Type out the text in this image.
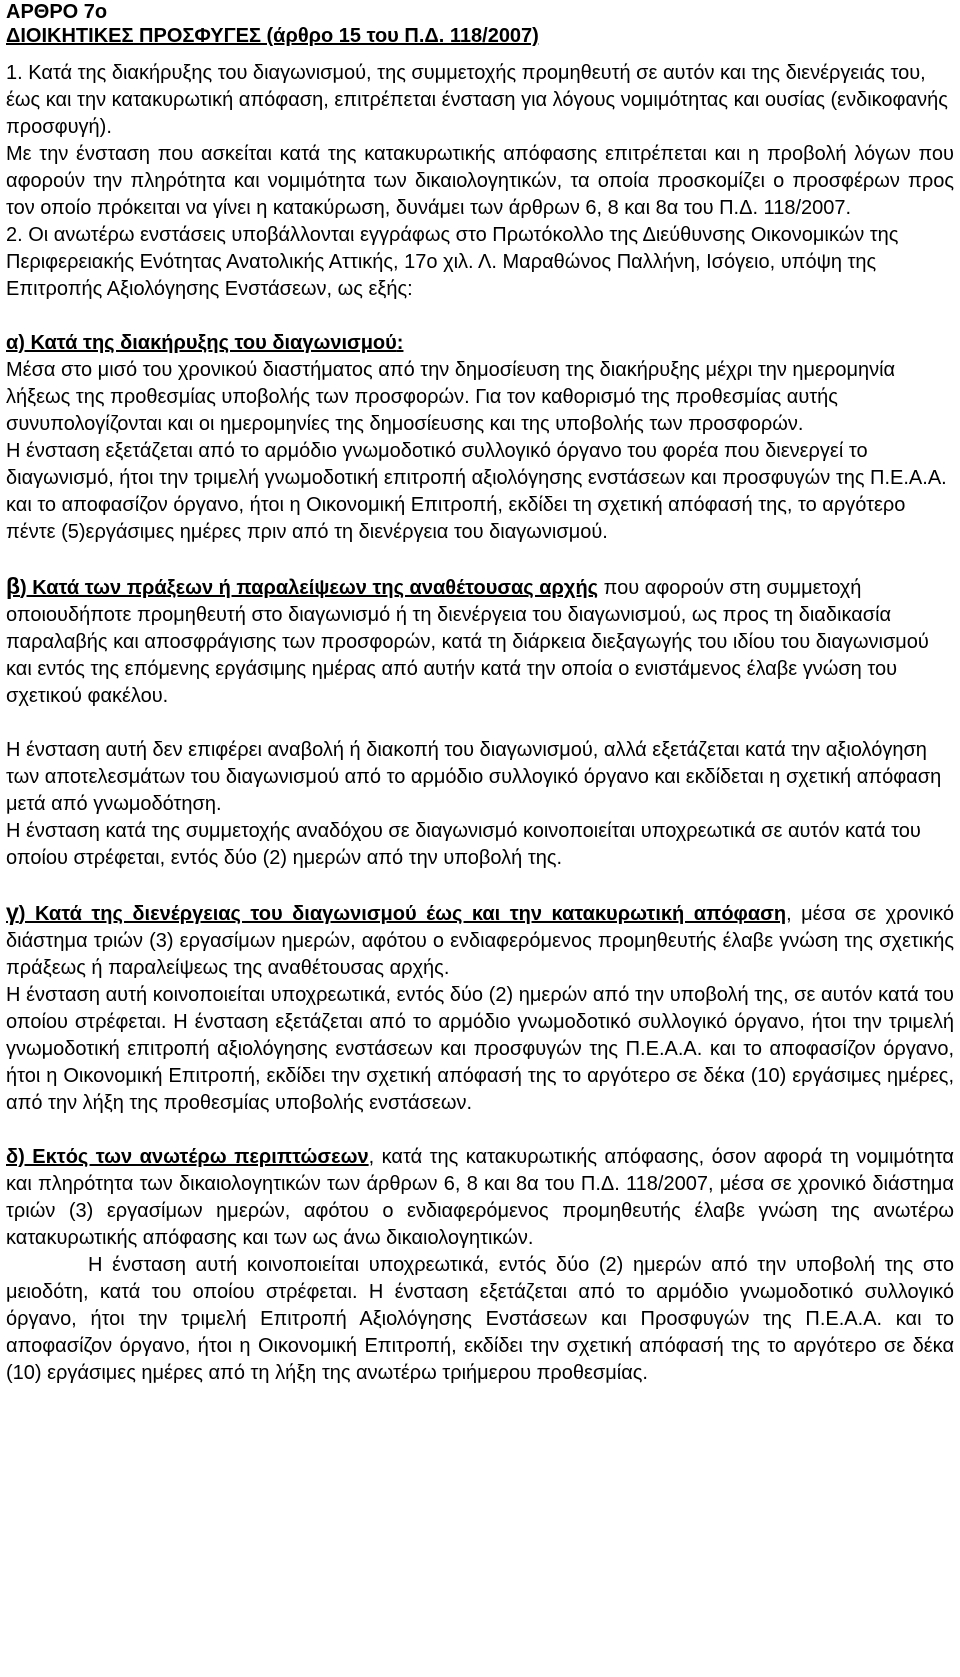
ΑΡΘΡΟ 7ο
ΔΙΟΙΚΗΤΙΚΕΣ ΠΡΟΣΦΥΓΕΣ (άρθρο 15 του Π.Δ. 118/2007)

1. Κατά της διακήρυξης του διαγωνισμού, της συμμετοχής προμηθευτή σε αυτόν και της διενέργειάς του, έως και την κατακυρωτική απόφαση, επιτρέπεται ένσταση για λόγους νομιμότητας και ουσίας (ενδικοφανής προσφυγή).

Με την ένσταση που ασκείται κατά της κατακυρωτικής απόφασης επιτρέπεται και η προβολή λόγων που αφορούν την πληρότητα και νομιμότητα των δικαιολογητικών, τα οποία προσκομίζει ο προσφέρων προς τον οποίο πρόκειται να γίνει η κατακύρωση, δυνάμει των άρθρων 6, 8 και 8α του Π.Δ. 118/2007.

2. Οι ανωτέρω ενστάσεις υποβάλλονται εγγράφως στο Πρωτόκολλο της Διεύθυνσης Οικονομικών της Περιφερειακής Ενότητας Ανατολικής Αττικής, 17ο χιλ. Λ. Μαραθώνος Παλλήνη, Ισόγειο, υπόψη της Επιτροπής Αξιολόγησης Ενστάσεων, ως εξής:

α) Κατά της διακήρυξης του διαγωνισμού:

Μέσα στο μισό του χρονικού διαστήματος από την δημοσίευση της διακήρυξης μέχρι την ημερομηνία λήξεως της προθεσμίας υποβολής των προσφορών. Για τον καθορισμό της προθεσμίας αυτής συνυπολογίζονται και οι ημερομηνίες της δημοσίευσης και της υποβολής των προσφορών.

Η ένσταση εξετάζεται από το αρμόδιο γνωμοδοτικό συλλογικό όργανο του φορέα που διενεργεί το διαγωνισμό, ήτοι την τριμελή γνωμοδοτική επιτροπή αξιολόγησης ενστάσεων και προσφυγών της Π.Ε.Α.Α. και το αποφασίζον όργανο, ήτοι η Οικονομική Επιτροπή, εκδίδει τη σχετική απόφασή της, το αργότερο πέντε (5)εργάσιμες ημέρες πριν από τη διενέργεια του διαγωνισμού.

β) Κατά των πράξεων ή παραλείψεων της αναθέτουσας αρχής που αφορούν στη συμμετοχή οποιουδήποτε προμηθευτή στο διαγωνισμό ή τη διενέργεια του διαγωνισμού, ως προς τη διαδικασία παραλαβής και αποσφράγισης των προσφορών, κατά τη διάρκεια διεξαγωγής του ιδίου του διαγωνισμού και εντός της επόμενης εργάσιμης ημέρας από αυτήν κατά την οποία ο ενιστάμενος έλαβε γνώση του σχετικού φακέλου.

Η ένσταση αυτή δεν επιφέρει αναβολή ή διακοπή του διαγωνισμού, αλλά εξετάζεται κατά την αξιολόγηση των αποτελεσμάτων του διαγωνισμού από το αρμόδιο συλλογικό όργανο και εκδίδεται η σχετική απόφαση μετά από γνωμοδότηση.

Η ένσταση κατά της συμμετοχής αναδόχου σε διαγωνισμό κοινοποιείται υποχρεωτικά σε αυτόν κατά του οποίου στρέφεται, εντός δύο (2) ημερών από την υποβολή της.

γ) Κατά της διενέργειας του διαγωνισμού έως και την κατακυρωτική απόφαση, μέσα σε χρονικό διάστημα τριών (3) εργασίμων ημερών, αφότου ο ενδιαφερόμενος προμηθευτής έλαβε γνώση της σχετικής πράξεως ή παραλείψεως της αναθέτουσας αρχής.

Η ένσταση αυτή κοινοποιείται υποχρεωτικά, εντός δύο (2) ημερών από την υποβολή της, σε αυτόν κατά του οποίου στρέφεται. Η ένσταση εξετάζεται από το αρμόδιο γνωμοδοτικό συλλογικό όργανο, ήτοι την τριμελή γνωμοδοτική επιτροπή αξιολόγησης ενστάσεων και προσφυγών της Π.Ε.Α.Α. και το αποφασίζον όργανο, ήτοι η Οικονομική Επιτροπή, εκδίδει την σχετική απόφασή της το αργότερο σε δέκα (10) εργάσιμες ημέρες, από την λήξη της προθεσμίας υποβολής ενστάσεων.

δ) Εκτός των ανωτέρω περιπτώσεων, κατά της κατακυρωτικής απόφασης, όσον αφορά τη νομιμότητα και πληρότητα των δικαιολογητικών των άρθρων 6, 8 και 8α του Π.Δ. 118/2007, μέσα σε χρονικό διάστημα τριών (3) εργασίμων ημερών, αφότου ο ενδιαφερόμενος προμηθευτής έλαβε γνώση της ανωτέρω κατακυρωτικής απόφασης και των ως άνω δικαιολογητικών.

Η ένσταση αυτή κοινοποιείται υποχρεωτικά, εντός δύο (2) ημερών από την υποβολή της στο μειοδότη, κατά του οποίου στρέφεται. Η ένσταση εξετάζεται από το αρμόδιο γνωμοδοτικό συλλογικό όργανο, ήτοι την τριμελή Επιτροπή Αξιολόγησης Ενστάσεων και Προσφυγών της Π.Ε.Α.Α. και το αποφασίζον όργανο, ήτοι η Οικονομική Επιτροπή, εκδίδει την σχετική απόφασή της το αργότερο σε δέκα (10) εργάσιμες ημέρες από τη λήξη της ανωτέρω τριήμερου προθεσμίας.
